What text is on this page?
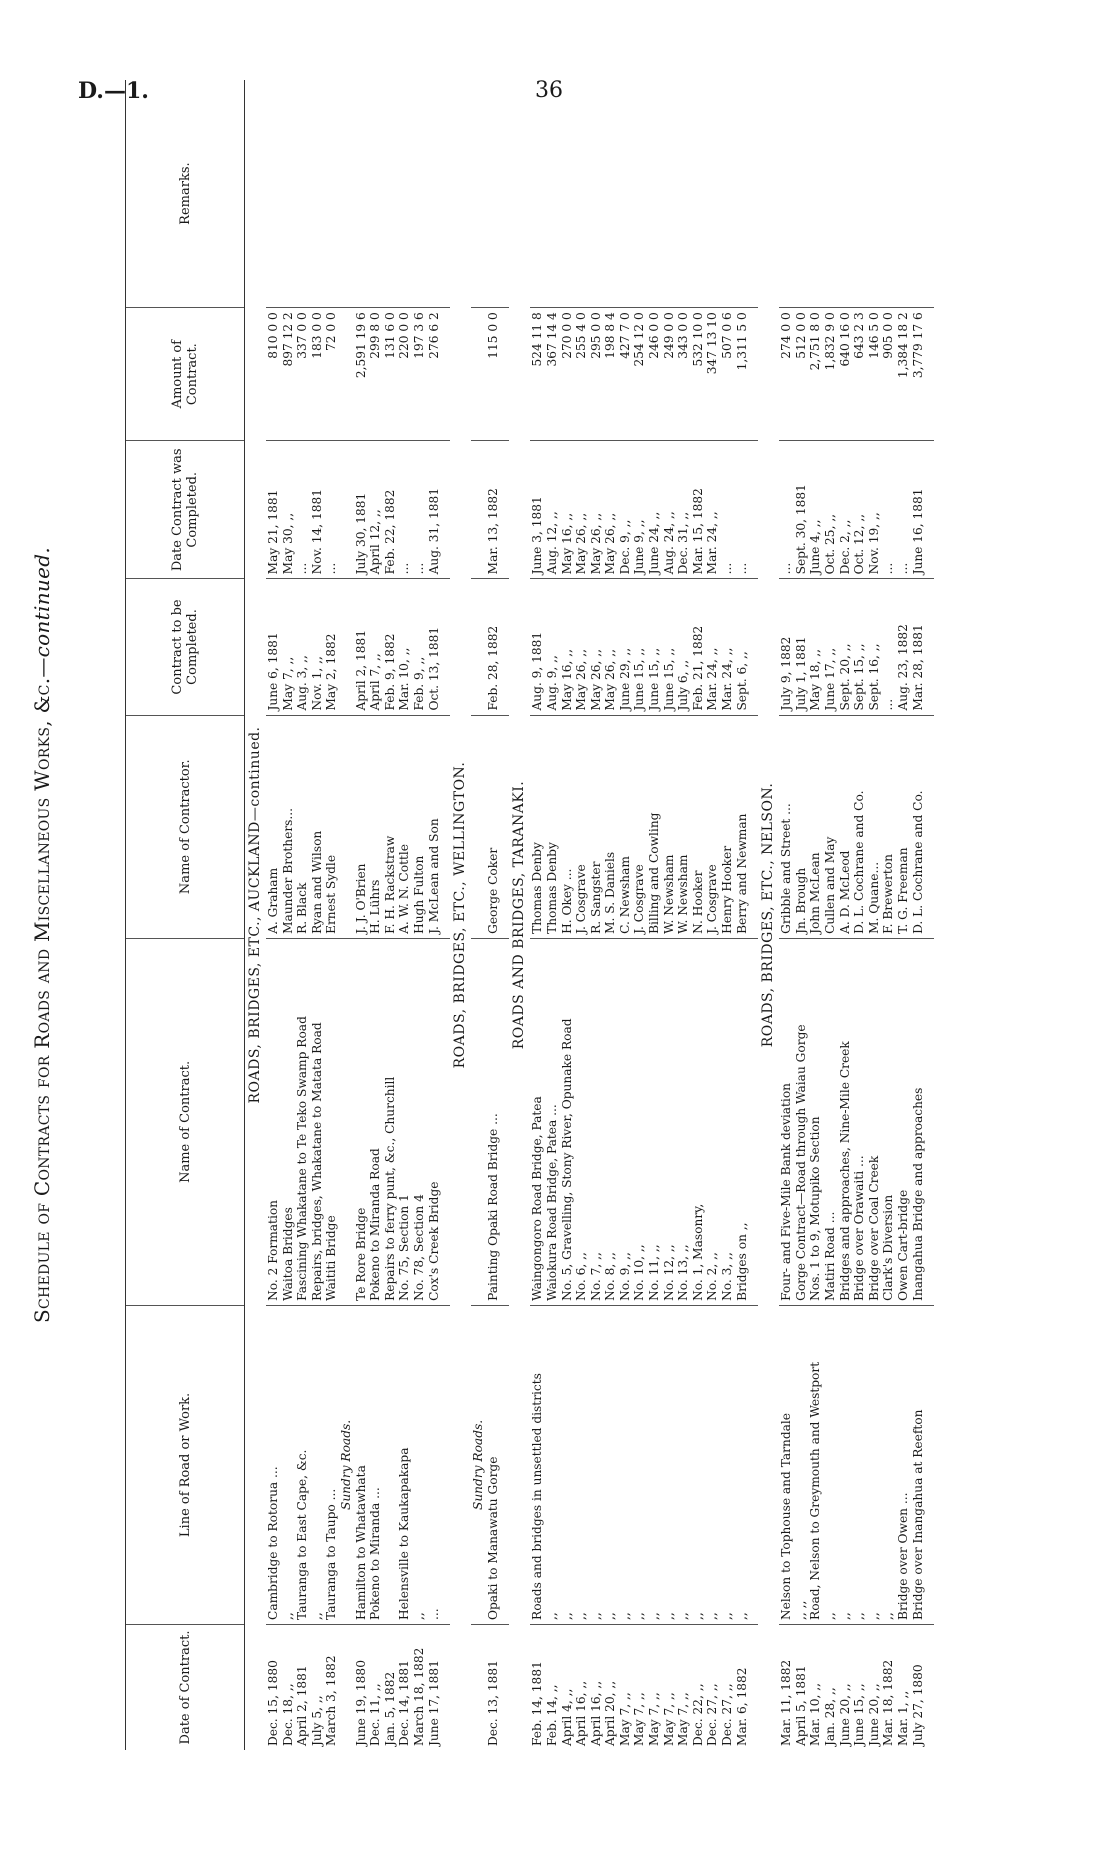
D.—1.	36
Schedule of Contracts for Roads and Miscellaneous Works, &c.—continued.
Date of Contract.	Line of Road or Work.	Name of Contract.	Name of Contractor.	Contract to be Completed.	Date Contract was Completed.	Amount of Contract.	Remarks.
ROADS, BRIDGES, ETC., AUCKLAND—continued.							
Dec. 15, 1880	Cambridge to Rotorua ...	No. 2 Formation	A. Graham	June 6, 1881	May 21, 1881	810 0 0	
Dec. 18, ,,	,,	Waitoa Bridges	Maunder Brothers...	May 7, ,,	May 30, ,,	897 12 2	
April 2, 1881	Tauranga to East Cape, &c.	Fascining Whakatane to Te Teko Swamp Road	R. Black	Aug. 3, ,,	...	337 0 0	
July 5, ,,	,,	Repairs, bridges, Whakatane to Matata Road	Ryan and Wilson	Nov. 1, ,,	Nov. 14, 1881	183 0 0	
March 3, 1882	Tauranga to Taupo ...	Waititi Bridge	Ernest Sydle	May 2, 1882	...	72 0 0	
	Sundry Roads.						
June 19, 1880	Hamilton to Whatawhata	Te Rore Bridge	J. J. O'Brien	April 2, 1881	July 30, 1881	2,591 19 6	
Dec. 11, ,,	Pokeno to Miranda ...	Pokeno to Miranda Road	H. Lührs	April 7, ,,	April 12, ,,	299 8 0	
Jan. 5, 1882		Repairs to ferry punt, &c., Churchill	F. H. Rackstraw	Feb. 9, 1882	Feb. 22, 1882	131 6 0	
Dec. 14, 1881	Helensville to Kaukapakapa	No. 75, Section 1	A. W. N. Cottle	Mar. 10, ,,	...	220 0 0	
March 18, 1882	,,	No. 78, Section 4	Hugh Fulton	Feb. 9, ,,	...	197 3 6	
June 17, 1881	...	Cox's Creek Bridge	J. McLean and Son	Oct. 13, 1881	Aug. 31, 1881	276 6 2	

ROADS, BRIDGES, ETC., WELLINGTON.							
	Sundry Roads.						
Dec. 13, 1881	Opaki to Manawatu Gorge	Painting Opaki Road Bridge ...	George Coker	Feb. 28, 1882	Mar. 13, 1882	115 0 0	

ROADS AND BRIDGES, TARANAKI.							
Feb. 14, 1881	Roads and bridges in unsettled districts	Waingongoro Road Bridge, Patea	Thomas Denby	Aug. 9, 1881	June 3, 1881	524 11 8	
Feb. 14, ,,	,,	Waiokura Road Bridge, Patea ...	Thomas Denby	Aug. 9, ,,	Aug. 12, ,,	367 14 4	
April 4, ,,	,,	No. 5, Gravelling, Stony River, Opunake Road	H. Okey ...	May 16, ,,	May 16, ,,	270 0 0	
April 16, ,,	,,	No. 6, ,,	J. Cosgrave	May 26, ,,	May 26, ,,	255 4 0	
April 16, ,,	,,	No. 7, ,,	R. Sangster	May 26, ,,	May 26, ,,	295 0 0	
April 20, ,,	,,	No. 8, ,,	M. S. Daniels	May 26, ,,	May 26, ,,	198 8 4	
May 7, ,,	,,	No. 9, ,,	C. Newsham	June 29, ,,	Dec. 9, ,,	427 7 0	
May 7, ,,	,,	No. 10, ,,	J. Cosgrave	June 15, ,,	June 9, ,,	254 12 0	
May 7, ,,	,,	No. 11, ,,	Billing and Cowling	June 15, ,,	June 24, ,,	246 0 0	
May 7, ,,	,,	No. 12, ,,	W. Newsham	June 15, ,,	Aug. 24, ,,	249 0 0	
May 7, ,,	,,	No. 13, ,,	W. Newsham	July 6, ,,	Dec. 31, ,,	343 0 0	
Dec. 22, ,,	,,	No. 1, Masonry,	N. Hooker	Feb. 21, 1882	Mar. 15, 1882	532 10 0	
Dec. 27, ,,	,,	No. 2, ,,	J. Cosgrave	Mar. 24, ,,	Mar. 24, ,,	347 13 10	
Dec. 27, ,,	,,	No. 3, ,,	Henry Hooker	Mar. 24, ,,	...	507 0 6	
Mar. 6, 1882	,,	Bridges on ,,	Berry and Newman	Sept. 6, ,,	...	1,311 5 0	

ROADS, BRIDGES, ETC., NELSON.							
Mar. 11, 1882	Nelson to Tophouse and Tarndale	Four- and Five-Mile Bank deviation	Gribble and Street ...	July 9, 1882	...	274 0 0	
April 5, 1881	,, ,,	Gorge Contract—Road through Waiau Gorge	Jn. Brough	July 1, 1881	Sept. 30, 1881	512 0 0	
Mar. 10, ,,	Road, Nelson to Greymouth and Westport	Nos. 1 to 9, Motupiko Section	John McLean	May 18, ,,	June 4, ,,	2,751 8 0	
Jan. 28, ,,	,,	Matiri Road ...	Cullen and May	June 17, ,,	Oct. 25, ,,	1,832 9 0	
June 20, ,,	,,	Bridges and approaches, Nine-Mile Creek	A. D. McLeod	Sept. 20, ,,	Dec. 2, ,,	640 16 0	
June 15, ,,	,,	Bridge over Orawaiti ...	D. L. Cochrane and Co.	Sept. 15, ,,	Oct. 12, ,,	643 2 3	
June 20, ,,	,,	Bridge over Coal Creek	M. Quane...	Sept. 16, ,,	Nov. 19, ,,	146 5 0	
Mar. 18, 1882	,,	Clark's Diversion	F. Brewerton	...	...	905 0 0	
Mar. 1, ,,	Bridge over Owen ...	Owen Cart-bridge	T. G. Freeman	Aug. 23, 1882	...	1,384 18 2	
July 27, 1880	Bridge over Inangahua at Reefton	Inangahua Bridge and approaches	D. L. Cochrane and Co.	Mar. 28, 1881	June 16, 1881	3,779 17 6	
